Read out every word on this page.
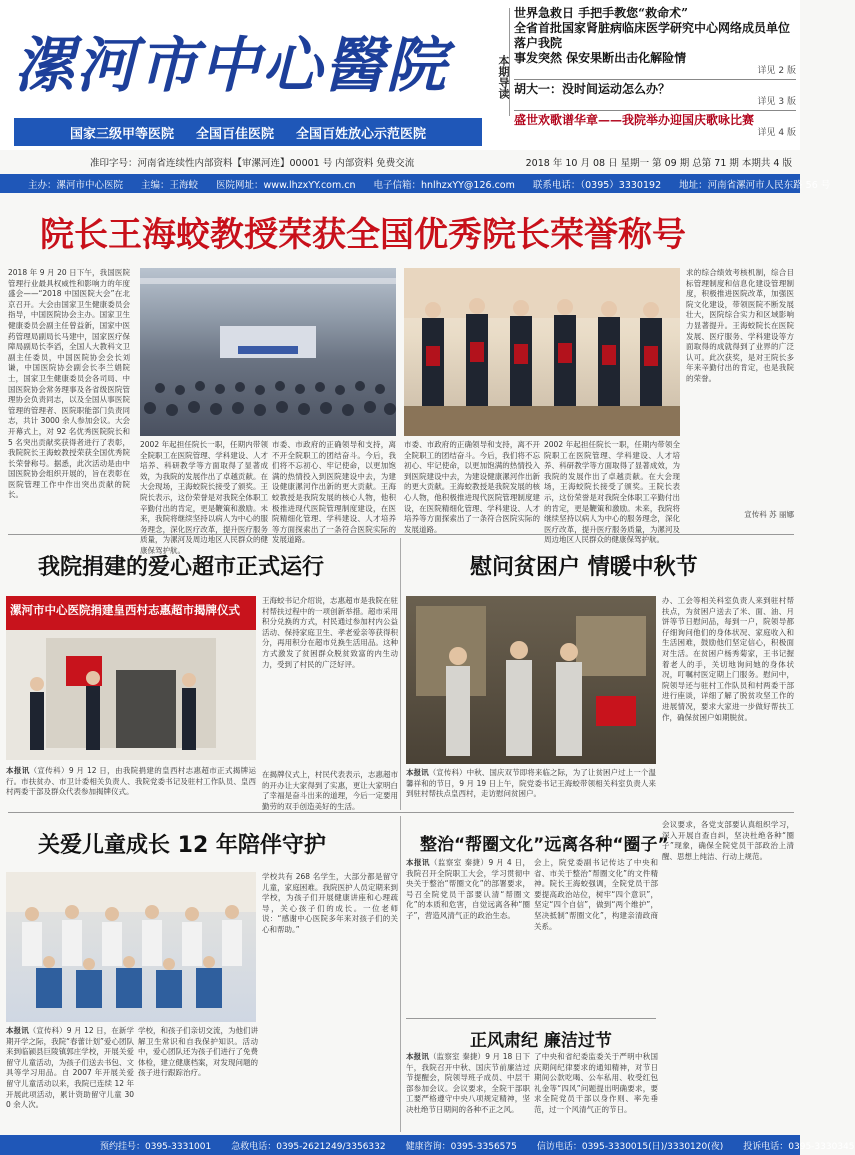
漯河市中心醫院
国家三级甲等医院 全国百佳医院 全国百姓放心示范医院
本期导读
世界急救日 手把手教您“救命术”
全省首批国家肾脏病临床医学研究中心网络成员单位落户我院
事发突然 保安果断出击化解险情
详见 2 版
胡大一：没时间运动怎么办？
详见 3 版
盛世欢歌谱华章——我院举办迎国庆歌咏比赛
详见 4 版
准印字号：河南省连续性内部资料【审漯河连】00001 号 内部资料 免费交流	2018 年 10 月 08 日 星期一 第 09 期 总第 71 期 本期共 4 版
主办：漯河市中心医院 主编：王海蛟 医院网址：www.lhzxYY.com.cn 电子信箱：hnlhzxYY@126.com 联系电话：（0395）3330192 地址：河南省漯河市人民东路 56 号
院长王海蛟教授荣获全国优秀院长荣誉称号
2018 年 9 月 20 日下午，我国医院管理行业最具权威性和影响力的年度盛会——“2018 中国医院大会”在北京召开。大会由国家卫生健康委员会指导，中国医院协会主办。国家卫生健康委员会副主任曾益新，国家中医药管理局副局长马建中，国家医疗保障局副局长李滔，全国人大教科文卫副主任委员，中国医院协会会长刘谦，中国医院协会副会长李兰娟院士，国家卫生健康委员会各司局、中国医院协会常务理事及各省级医院管理协会负责同志，以及全国从事医院管理的管理者、医院职能部门负责同志，共计 3000 余人参加会议。大会开幕式上，对 92 名优秀医院院长和 5 名突出贡献奖获得者进行了表彰，我院院长王海蛟教授荣获全国优秀院长荣誉称号。据悉，此次活动是由中国医院协会组织开展的，旨在表彰在医院管理工作中作出突出贡献的院长。
2002 年起担任院长一职，任期内带领全院职工在医院管理、学科建设、人才培养、科研教学等方面取得了显著成效，为我院的发展作出了卓越贡献。在大会现场，王海蛟院长接受了颁奖。王院长表示，这份荣誉是对我院全体职工辛勤付出的肯定，更是鞭策和激励。未来，我院将继续坚持以病人为中心的服务理念，深化医疗改革，提升医疗服务质量，为漯河及周边地区人民群众的健康保驾护航。
市委、市政府的正确领导和支持，离不开全院职工的团结奋斗。今后，我们将不忘初心、牢记使命，以更加饱满的热情投入到医院建设中去，为建设健康漯河作出新的更大贡献。王海蛟教授是我院发展的核心人物，他积极推进现代医院管理制度建设，在医院精细化管理、学科建设、人才培养等方面探索出了一条符合医院实际的发展道路。
市委、市政府的正确领导和支持，离不开全院职工的团结奋斗。今后，我们将不忘初心、牢记使命，以更加饱满的热情投入到医院建设中去，为建设健康漯河作出新的更大贡献。王海蛟教授是我院发展的核心人物，他积极推进现代医院管理制度建设，在医院精细化管理、学科建设、人才培养等方面探索出了一条符合医院实际的发展道路。
2002 年起担任院长一职，任期内带领全院职工在医院管理、学科建设、人才培养、科研教学等方面取得了显著成效，为我院的发展作出了卓越贡献。在大会现场，王海蛟院长接受了颁奖。王院长表示，这份荣誉是对我院全体职工辛勤付出的肯定，更是鞭策和激励。未来，我院将继续坚持以病人为中心的服务理念，深化医疗改革，提升医疗服务质量，为漯河及周边地区人民群众的健康保驾护航。
求的综合绩效考核机制，综合目标管理制度和信息化建设管理制度，积极推进医院改革，加强医院文化建设，带领医院不断发展壮大，医院综合实力和区域影响力显著提升。王海蛟院长在医院发展、医疗服务、学科建设等方面取得的成就得到了业界的广泛认可。此次获奖，是对王院长多年来辛勤付出的肯定，也是我院的荣誉。
宣传科 苏 丽娜
我院捐建的爱心超市正式运行
漯河市中心医院捐建皇西村志惠超市揭牌仪式
本报讯（宣传科）9 月 12 日，由我院捐建的皇西村志惠超市正式揭牌运行。市扶贫办、市卫计委相关负责人、我院党委书记及驻村工作队员、皇西村两委干部及群众代表参加揭牌仪式。
王海蛟书记介绍说，志惠超市是我院在驻村帮扶过程中的一项创新举措。超市采用积分兑换的方式，村民通过参加村内公益活动、保持家庭卫生、孝老爱亲等获得积分，再用积分在超市兑换生活用品。这种方式激发了贫困群众脱贫致富的内生动力，受到了村民的广泛好评。
在揭牌仪式上，村民代表表示，志惠超市的开办让大家得到了实惠，更让大家明白了幸福是奋斗出来的道理，今后一定要用勤劳的双手创造美好的生活。
慰问贫困户 情暖中秋节
本报讯（宣传科）中秋、国庆双节即将来临之际，为了让贫困户过上一个温馨祥和的节日，9 月 19 日上午，院党委书记王海蛟带领相关科室负责人来到驻村帮扶点皇西村，走访慰问贫困户。
办、工会等相关科室负责人来到驻村帮扶点，为贫困户送去了米、面、油、月饼等节日慰问品，每到一户，院领导都仔细询问他们的身体状况、家庭收入和生活困难，鼓励他们坚定信心，积极面对生活。在贫困户杨秀菊家，王书记握着老人的手，关切地询问她的身体状况，叮嘱村医定期上门服务。慰问中，院领导还与驻村工作队员和村两委干部进行座谈，详细了解了脱贫攻坚工作的进展情况，要求大家进一步做好帮扶工作，确保贫困户如期脱贫。
关爱儿童成长 12 年陪伴守护
本报讯（宣传科）9 月 12 日，在新学期开学之际，我院“春蕾计划”爱心团队来到临颍县巨陵镇郭庄学校，开展关爱留守儿童活动，为孩子们送去书包、文具等学习用品。自 2007 年开展关爱留守儿童活动以来，我院已连续 12 年开展此项活动，累计资助留守儿童 300 余人次。
学校，和孩子们亲切交流，为他们讲解卫生常识和自我保护知识。活动中，爱心团队还为孩子们进行了免费体检，建立健康档案，对发现问题的孩子进行跟踪治疗。
学校共有 268 名学生，大部分都是留守儿童，家庭困难。我院医护人员定期来到学校，为孩子们开展健康讲座和心理疏导，关心孩子们的成长。一位老师说：“感谢中心医院多年来对孩子们的关心和帮助。”
整治“帮圈文化”远离各种“圈子”
本报讯（监察室 秦捷）9 月 4 日，我院召开全院职工大会，学习贯彻中央关于整治“帮圈文化”的部署要求，号召全院党员干部要认清“帮圈文化”的本质和危害，自觉远离各种“圈子”，营造风清气正的政治生态。
会上，院党委副书记传达了中央和省、市关于整治“帮圈文化”的文件精神。院长王海蛟强调，全院党员干部要提高政治站位，树牢“四个意识”，坚定“四个自信”，做到“两个维护”，坚决抵制“帮圈文化”，构建亲清政商关系。
会议要求，各党支部要认真组织学习，深入开展自查自纠，坚决杜绝各种“圈子”现象，确保全院党员干部政治上清醒、思想上纯洁、行动上规范。
正风肃纪 廉洁过节
本报讯（监察室 秦捷）9 月 18 日下午，我院召开中秋、国庆节前廉洁过节提醒会，院领导班子成员、中层干部参加会议。会议要求，全院干部职工要严格遵守中央八项规定精神，坚决杜绝节日期间的各种不正之风。
了中央和省纪委监委关于严明中秋国庆期间纪律要求的通知精神，对节日期间公款吃喝、公车私用、收受红包礼金等“四风”问题提出明确要求，要求全院党员干部以身作则、率先垂范，过一个风清气正的节日。
预约挂号：0395-3331001 急救电话：0395-2621249/3356332 健康咨询：0395-3356575 信访电话：0395-3330015(日)/3330120(夜) 投诉电话：0395-3330345
